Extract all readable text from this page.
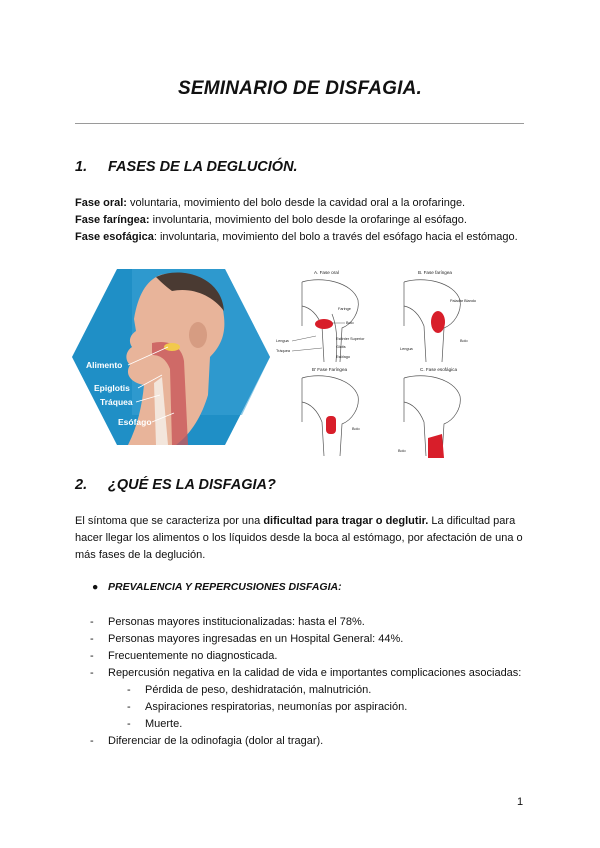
SEMINARIO DE DISFAGIA.
1. FASES DE LA DEGLUCIÓN.
Fase oral: voluntaria, movimiento del bolo desde la cavidad oral a la orofaringe.
Fase faríngea: involuntaria, movimiento del bolo desde la orofaringe al esófago.
Fase esofágica: involuntaria, movimiento del bolo a través del esófago hacia el estómago.
Alimento
Epiglotis
Tráquea
Esófago
A. Fase oral	B. Fase faríngea
B' Fase Faríngea	C. Fase esofágica
Bolo
Faringe
Lengua
Tráquea
Esófago
Esfínter Superior
Glotis
Paladar Blando
Bolo
Lengua
Bolo
Bolo
2. ¿QUÉ ES LA DISFAGIA?
El síntoma que se caracteriza por una dificultad para tragar o deglutir. La dificultad para hacer llegar los alimentos o los líquidos desde la boca al estómago, por afectación de una o más fases de la deglución.
● PREVALENCIA Y REPERCUSIONES DISFAGIA:
- Personas mayores institucionalizadas: hasta el 78%.
- Personas mayores ingresadas en un Hospital General: 44%.
- Frecuentemente no diagnosticada.
- Repercusión negativa en la calidad de vida e importantes complicaciones asociadas:
- Pérdida de peso, deshidratación, malnutrición.
- Aspiraciones respiratorias, neumonías por aspiración.
- Muerte.
- Diferenciar de la odinofagia (dolor al tragar).
1
